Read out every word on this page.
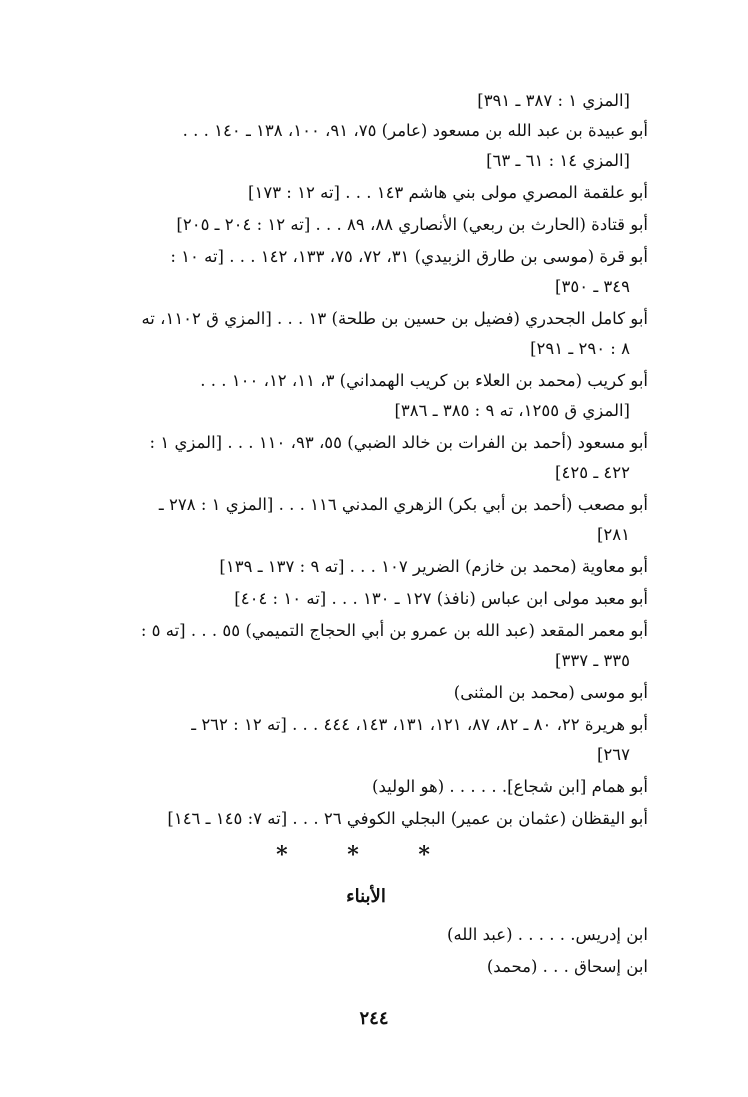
[المزي ١ : ٣٨٧ ـ ٣٩١]
أبو عبيدة بن عبد الله بن مسعود (عامر) ٧٥، ٩١، ١٠٠، ١٣٨ ـ ١٤٠ . . .
[المزي ١٤ : ٦١ ـ ٦٣]
أبو علقمة المصري مولى بني هاشم ١٤٣ . . . [ته ١٢ : ١٧٣]
أبو قتادة (الحارث بن ربعي) الأنصاري ٨٨، ٨٩ . . . [ته ١٢ : ٢٠٤ ـ ٢٠٥]
أبو قرة (موسى بن طارق الزبيدي) ٣١، ٧٢، ٧٥، ١٣٣، ١٤٢ . . . [ته ١٠ :
٣٤٩ ـ ٣٥٠]
أبو كامل الجحدري (فضيل بن حسين بن طلحة) ١٣ . . . [المزي ق ١١٠٢، ته
٨ : ٢٩٠ ـ ٢٩١]
أبو كريب (محمد بن العلاء بن كريب الهمداني) ٣، ١١، ١٢، ١٠٠ . . .
[المزي ق ١٢٥٥، ته ٩ : ٣٨٥ ـ ٣٨٦]
أبو مسعود (أحمد بن الفرات بن خالد الضبي) ٥٥، ٩٣، ١١٠ . . . [المزي ١ :
٤٢٢ ـ ٤٢٥]
أبو مصعب (أحمد بن أبي بكر) الزهري المدني ١١٦ . . . [المزي ١ : ٢٧٨ ـ
٢٨١]
أبو معاوية (محمد بن خازم) الضرير ١٠٧ . . . [ته ٩ : ١٣٧ ـ ١٣٩]
أبو معبد مولى ابن عباس (نافذ) ١٢٧ ـ ١٣٠ . . . [ته ١٠ : ٤٠٤]
أبو معمر المقعد (عبد الله بن عمرو بن أبي الحجاج التميمي) ٥٥ . . . [ته ٥ :
٣٣٥ ـ ٣٣٧]
أبو موسى (محمد بن المثنى)
أبو هريرة ٢٢، ٨٠ ـ ٨٢، ٨٧، ١٢١، ١٣١، ١٤٣، ٤٤٤ . . . [ته ١٢ : ٢٦٢ ـ
٢٦٧]
أبو همام [ابن شجاع]. . . . . . (هو الوليد)
أبو اليقظان (عثمان بن عمير) البجلي الكوفي ٢٦ . . . [ته ٧: ١٤٥ ـ ١٤٦]
* * *
الأبناء
ابن إدريس. . . . . . (عبد الله)
ابن إسحاق . . . (محمد)
٢٤٤
